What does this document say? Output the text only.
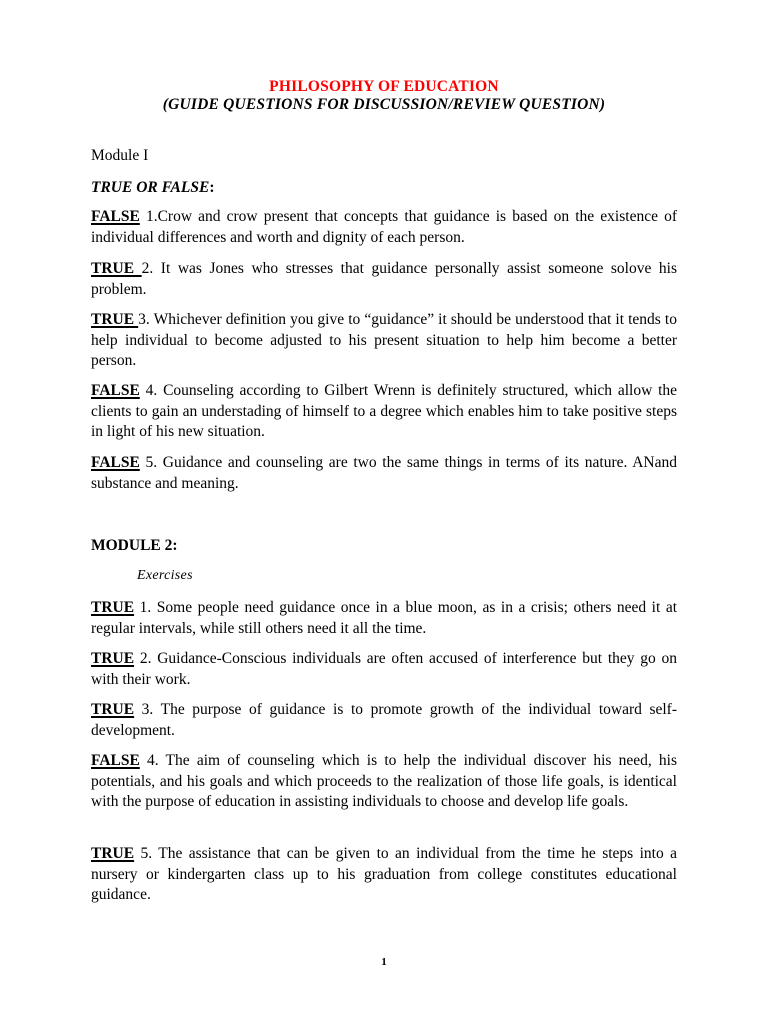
PHILOSOPHY OF EDUCATION
(GUIDE QUESTIONS FOR DISCUSSION/REVIEW QUESTION)
Module I
TRUE OR FALSE:
FALSE 1.Crow and crow present that concepts that guidance is based on the existence of individual differences and worth and dignity of each person.
TRUE 2. It was Jones who stresses that guidance personally assist someone solove his problem.
TRUE 3. Whichever definition you give to “guidance” it should be understood that it tends to help individual to become adjusted to his present situation to help him become a better person.
FALSE 4. Counseling according to Gilbert Wrenn is definitely structured, which allow the clients to gain an understading of himself to a degree which enables him to take positive steps in light of his new situation.
FALSE 5. Guidance and counseling are two the same things in terms of its nature. ANand substance and meaning.
MODULE 2:
Exercises
TRUE 1. Some people need guidance once in a blue moon, as in a crisis; others need it at regular intervals, while still others need it all the time.
TRUE 2. Guidance-Conscious individuals are often accused of interference but they go on with their work.
TRUE 3. The purpose of guidance is to promote growth of the individual toward self-development.
FALSE 4. The aim of counseling which is to help the individual discover his need, his potentials, and his goals and which proceeds to the realization of those life goals, is identical with the purpose of education in assisting individuals to choose and develop life goals.
TRUE 5. The assistance that can be given to an individual from the time he steps into a nursery or kindergarten class up to his graduation from college constitutes educational guidance.
1
